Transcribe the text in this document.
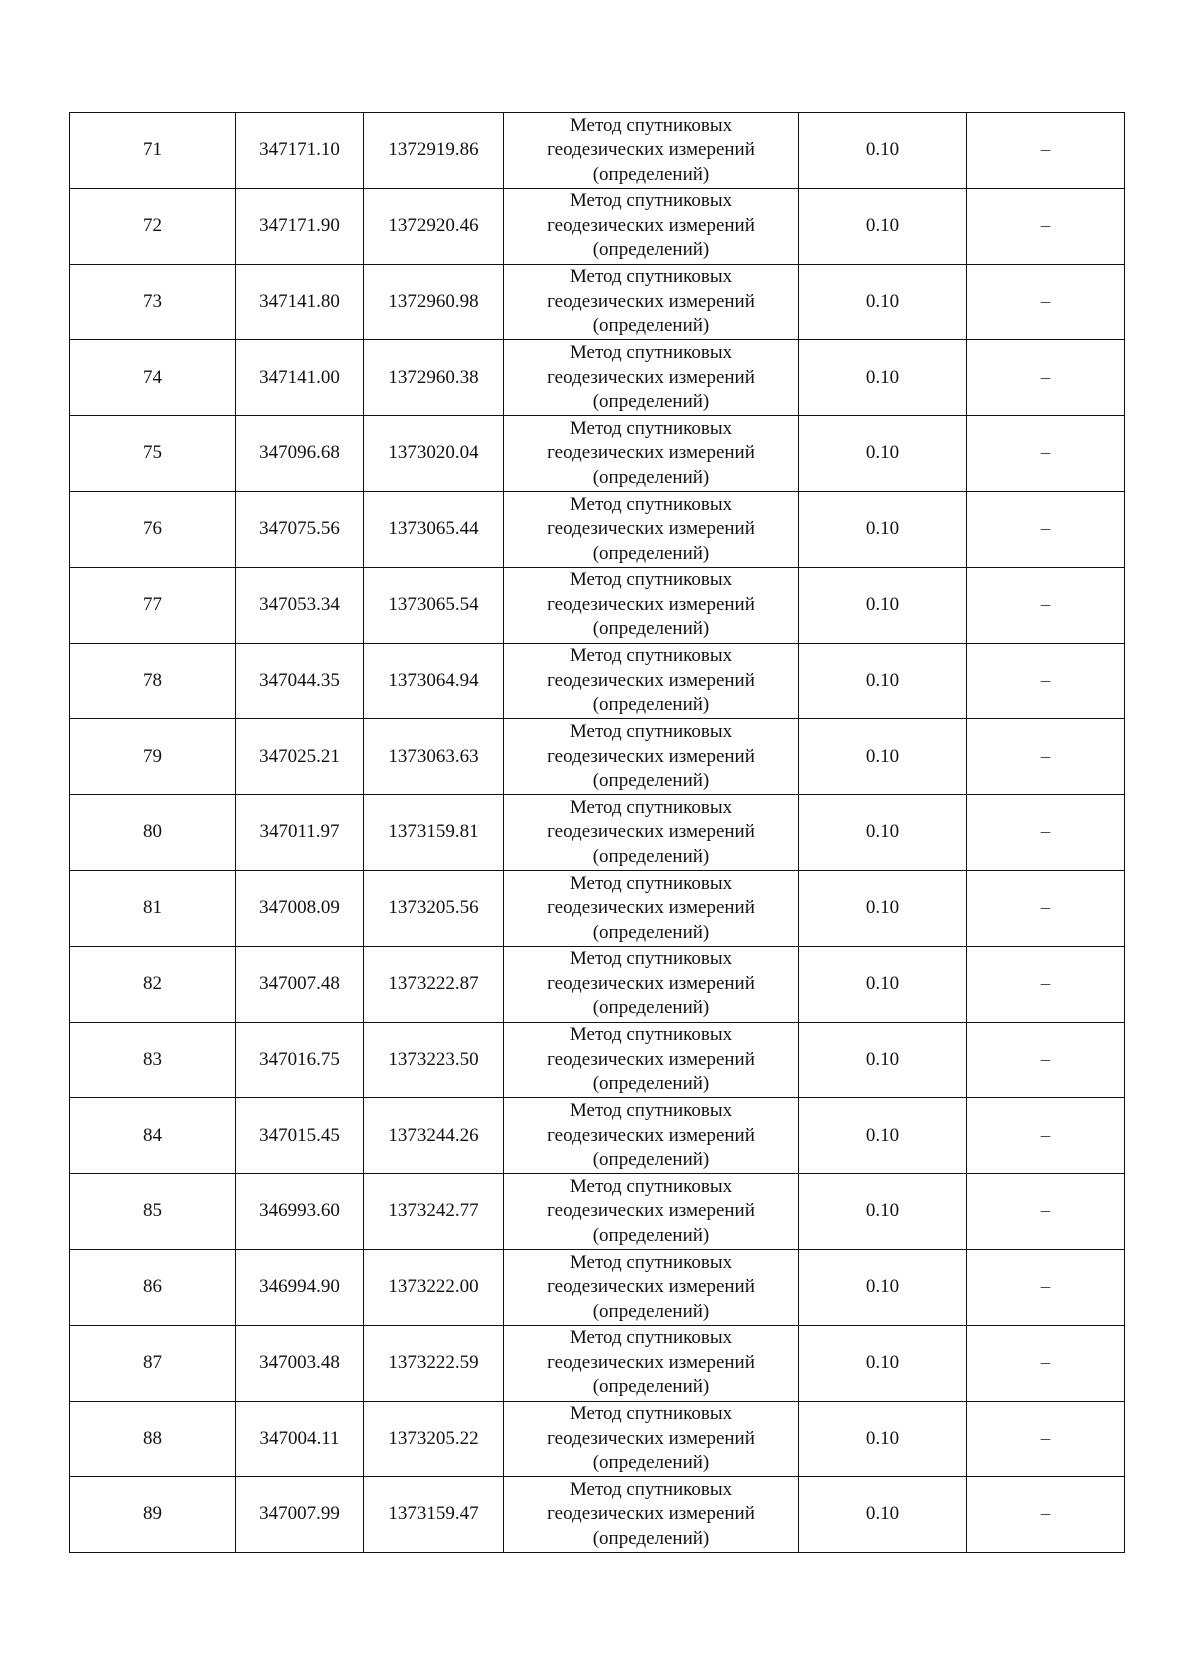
71	347171.10	1372919.86	Метод спутниковых
геодезических измерений
(определений)	0.10	–
72	347171.90	1372920.46	Метод спутниковых
геодезических измерений
(определений)	0.10	–
73	347141.80	1372960.98	Метод спутниковых
геодезических измерений
(определений)	0.10	–
74	347141.00	1372960.38	Метод спутниковых
геодезических измерений
(определений)	0.10	–
75	347096.68	1373020.04	Метод спутниковых
геодезических измерений
(определений)	0.10	–
76	347075.56	1373065.44	Метод спутниковых
геодезических измерений
(определений)	0.10	–
77	347053.34	1373065.54	Метод спутниковых
геодезических измерений
(определений)	0.10	–
78	347044.35	1373064.94	Метод спутниковых
геодезических измерений
(определений)	0.10	–
79	347025.21	1373063.63	Метод спутниковых
геодезических измерений
(определений)	0.10	–
80	347011.97	1373159.81	Метод спутниковых
геодезических измерений
(определений)	0.10	–
81	347008.09	1373205.56	Метод спутниковых
геодезических измерений
(определений)	0.10	–
82	347007.48	1373222.87	Метод спутниковых
геодезических измерений
(определений)	0.10	–
83	347016.75	1373223.50	Метод спутниковых
геодезических измерений
(определений)	0.10	–
84	347015.45	1373244.26	Метод спутниковых
геодезических измерений
(определений)	0.10	–
85	346993.60	1373242.77	Метод спутниковых
геодезических измерений
(определений)	0.10	–
86	346994.90	1373222.00	Метод спутниковых
геодезических измерений
(определений)	0.10	–
87	347003.48	1373222.59	Метод спутниковых
геодезических измерений
(определений)	0.10	–
88	347004.11	1373205.22	Метод спутниковых
геодезических измерений
(определений)	0.10	–
89	347007.99	1373159.47	Метод спутниковых
геодезических измерений
(определений)	0.10	–
